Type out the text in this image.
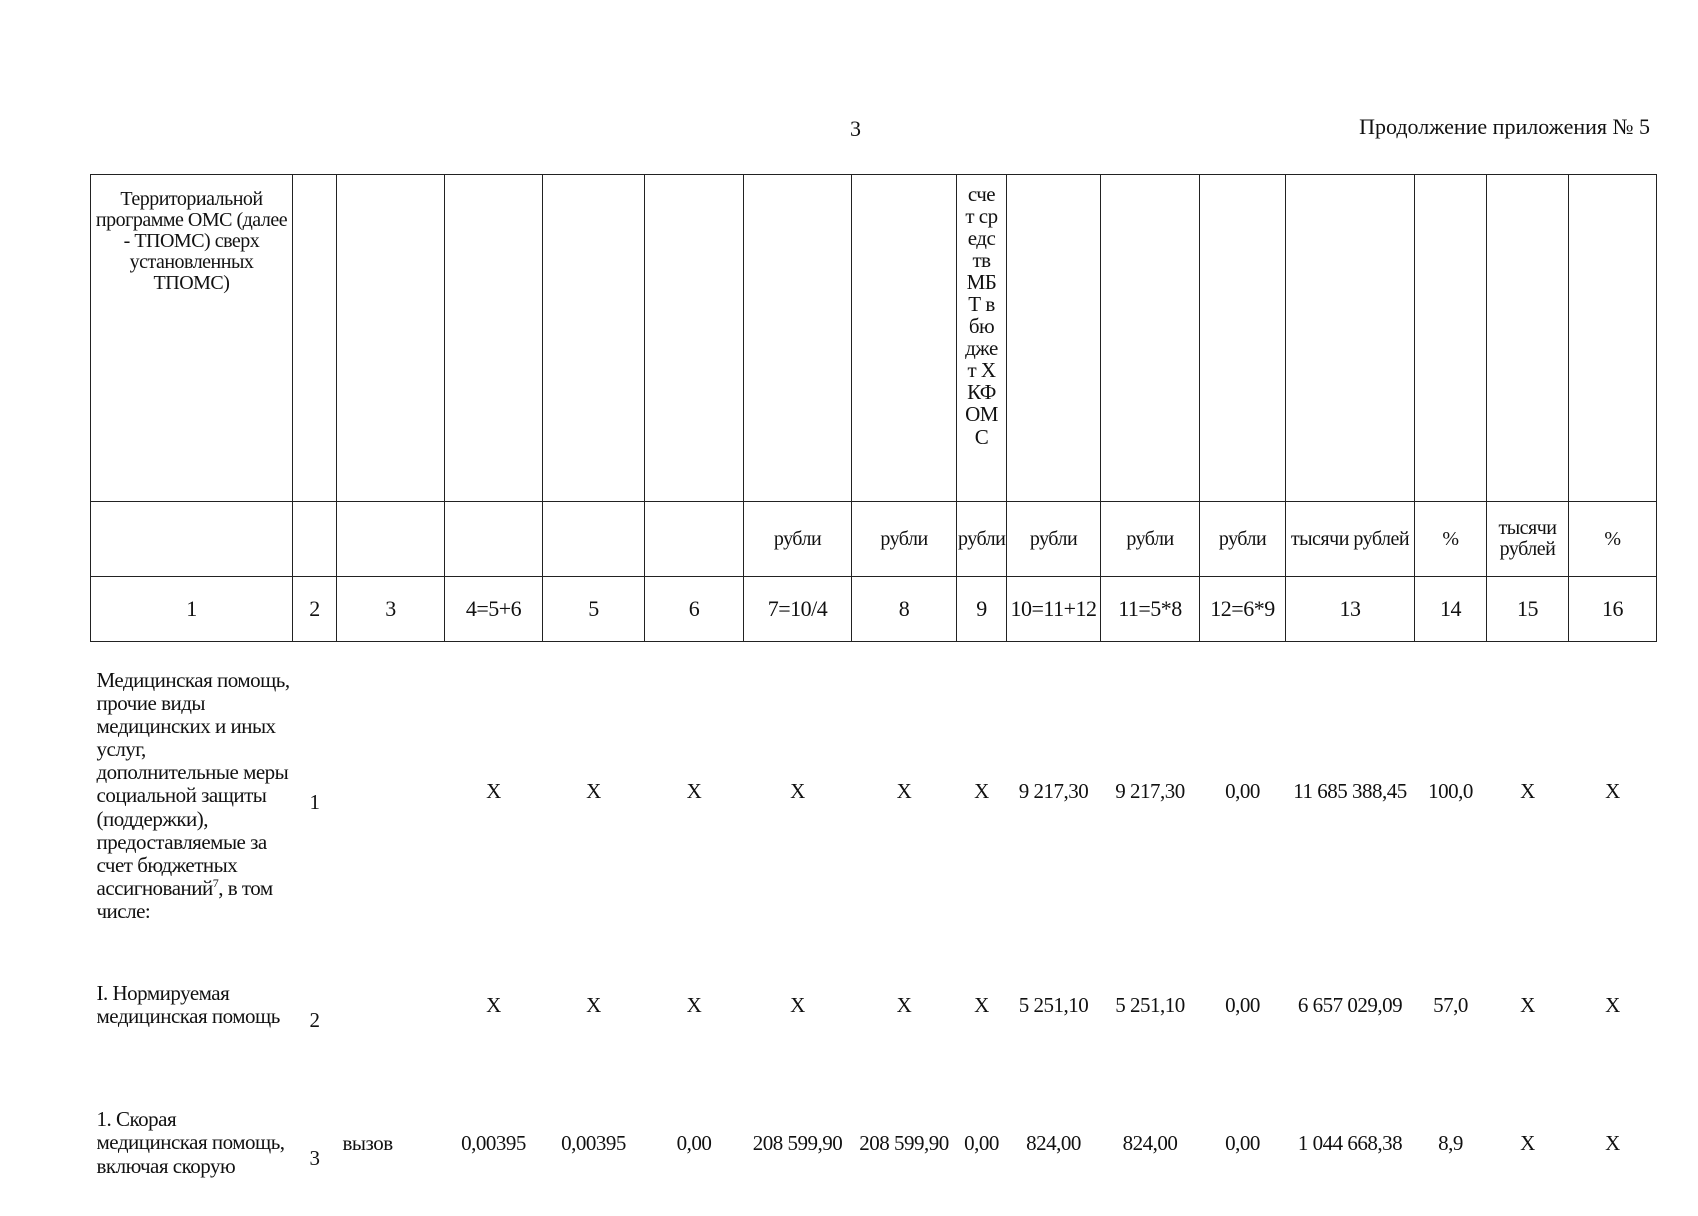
3	Продолжение приложения № 5
Территориальной программе ОМС (далее - ТПОМС) сверх установленных ТПОМС)								счет средств МБТ в бюджет ХКФОМС							
						рубли	рубли	рубли	рубли	рубли	рубли	тысячи рублей	%	тысячи рублей	%
1	2	3	4=5+6	5	6	7=10/4	8	9	10=11+12	11=5*8	12=6*9	13	14	15	16
Медицинская помощь, прочие виды медицинских и иных услуг, дополнительные меры социальной защиты (поддержки), предоставляемые за счет бюджетных ассигнований$^7$, в том числе:	1		X	X	X	X	X	X	9 217,30	9 217,30	0,00	11 685 388,45	100,0	X	X
I. Нормируемая медицинская помощь	2		X	X	X	X	X	X	5 251,10	5 251,10	0,00	6 657 029,09	57,0	X	X
1. Скорая медицинская помощь, включая скорую	3	вызов	0,00395	0,00395	0,00	208 599,90	208 599,90	0,00	824,00	824,00	0,00	1 044 668,38	8,9	X	X
